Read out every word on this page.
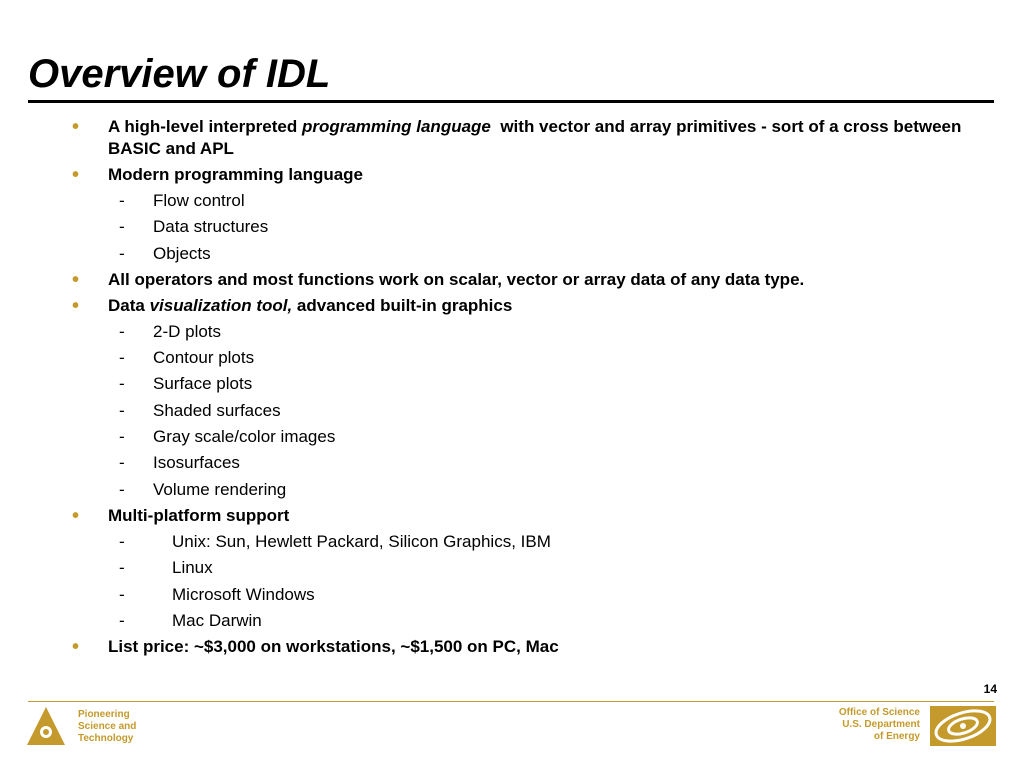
Overview of IDL
• A high-level interpreted programming language  with vector and array primitives - sort of a cross between BASIC and APL
• Modern programming language
- Flow control
- Data structures
- Objects
• All operators and most functions work on scalar, vector or array data of any data type.
• Data visualization tool, advanced built-in graphics
- 2-D plots
- Contour plots
- Surface plots
- Shaded surfaces
- Gray scale/color images
- Isosurfaces
- Volume rendering
• Multi-platform support
-	Unix: Sun, Hewlett Packard, Silicon Graphics, IBM
-	Linux
-	Microsoft Windows
-	Mac Darwin
• List price: ~$3,000 on workstations, ~$1,500 on PC, Mac
14
Pioneering
Science and
Technology
Office of Science
U.S. Department
of Energy
